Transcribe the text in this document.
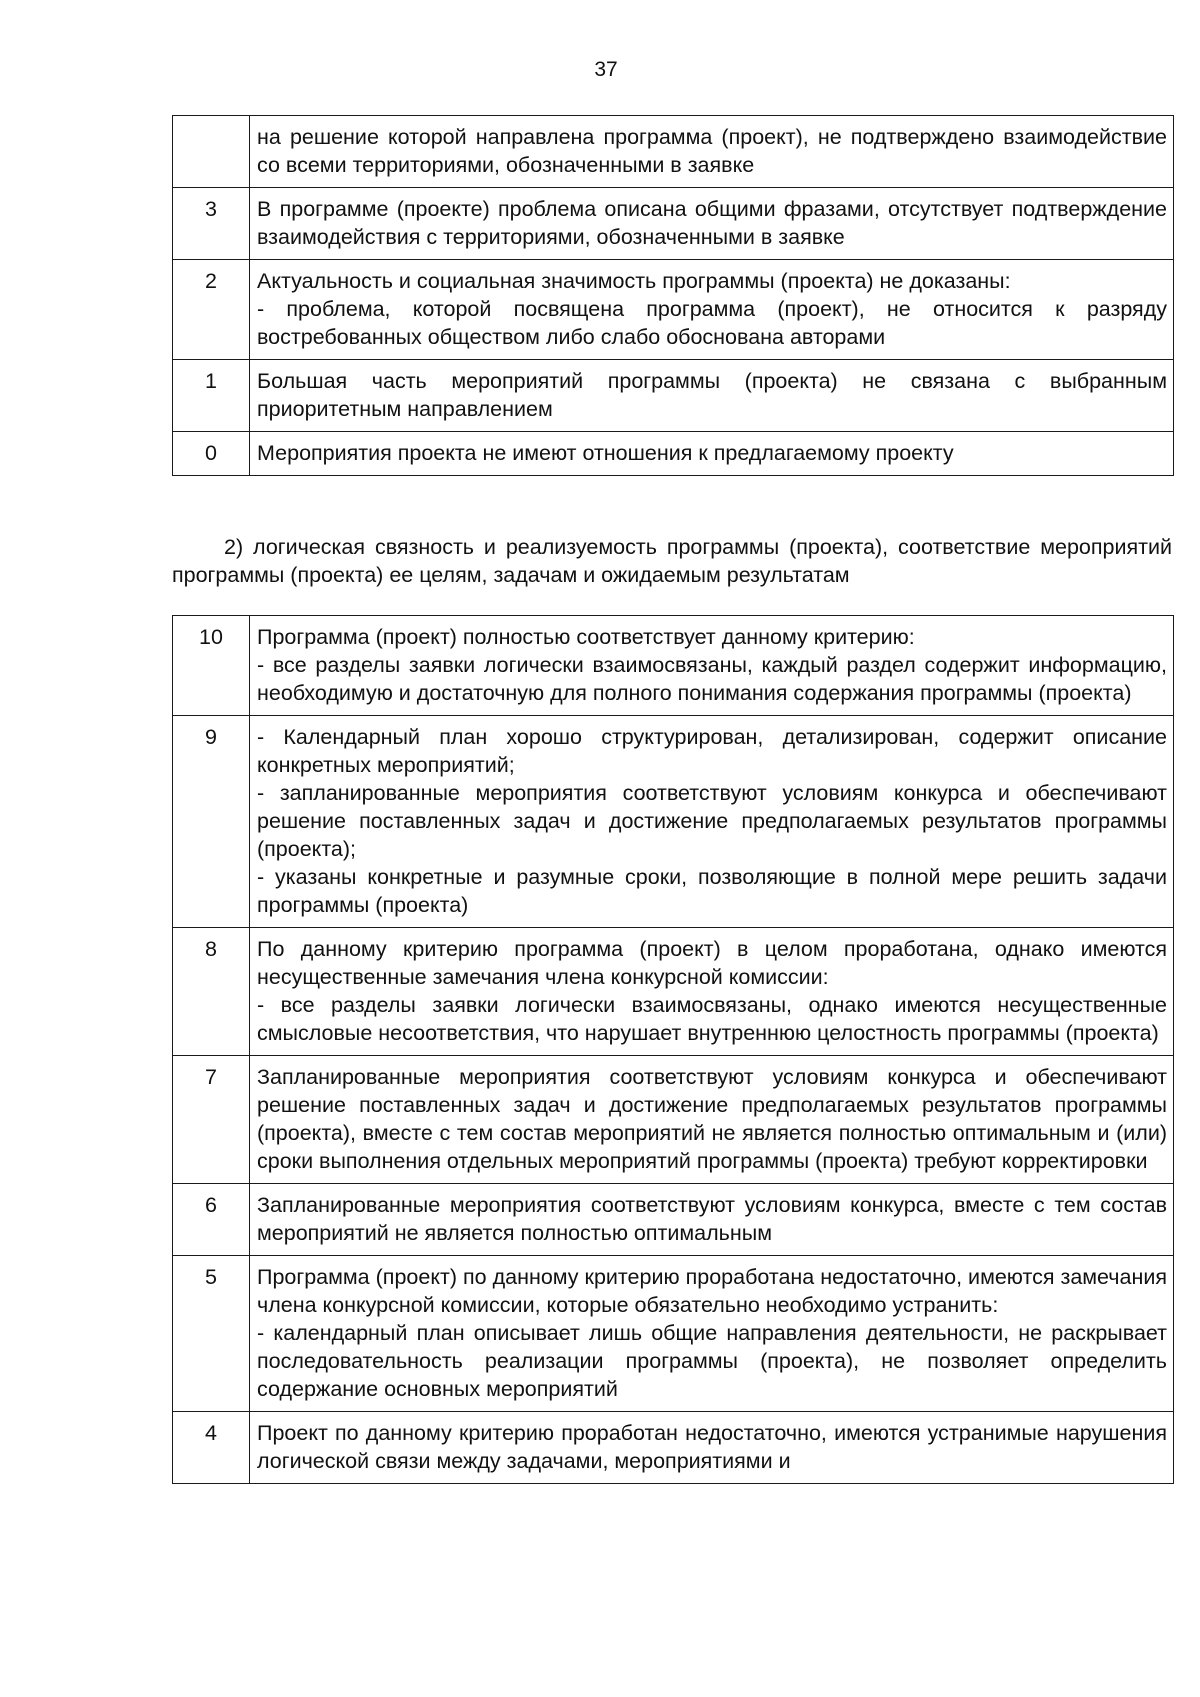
37

	на решение которой направлена программа (проект), не подтверждено взаимодействие со всеми территориями, обозначенными в заявке

3	В программе (проекте) проблема описана общими фразами, отсутствует подтверждение взаимодействия с территориями, обозначенными в заявке

2	Актуальность и социальная значимость программы (проекта) не доказаны:
- проблема, которой посвящена программа (проект), не относится к разряду востребованных обществом либо слабо обоснована авторами

1	Большая часть мероприятий программы (проекта) не связана с выбранным приоритетным направлением

0	Мероприятия проекта не имеют отношения к предлагаемому проекту
2) логическая связность и реализуемость программы (проекта), соответствие мероприятий программы (проекта) ее целям, задачам и ожидаемым результатам
10	Программа (проект) полностью соответствует данному критерию:
- все разделы заявки логически взаимосвязаны, каждый раздел содержит информацию, необходимую и достаточную для полного понимания содержания программы (проекта)

9	- Календарный план хорошо структурирован, детализирован, содержит описание конкретных мероприятий;
- запланированные мероприятия соответствуют условиям конкурса и обеспечивают решение поставленных задач и достижение предполагаемых результатов программы (проекта);
- указаны конкретные и разумные сроки, позволяющие в полной мере решить задачи программы (проекта)

8	По данному критерию программа (проект) в целом проработана, однако имеются несущественные замечания члена конкурсной комиссии:
- все разделы заявки логически взаимосвязаны, однако имеются несущественные смысловые несоответствия, что нарушает внутреннюю целостность программы (проекта)

7	Запланированные мероприятия соответствуют условиям конкурса и обеспечивают решение поставленных задач и достижение предполагаемых результатов программы (проекта), вместе с тем состав мероприятий не является полностью оптимальным и (или) сроки выполнения отдельных мероприятий программы (проекта) требуют корректировки

6	Запланированные мероприятия соответствуют условиям конкурса, вместе с тем состав мероприятий не является полностью оптимальным

5	Программа (проект) по данному критерию проработана недостаточно, имеются замечания члена конкурсной комиссии, которые обязательно необходимо устранить:
- календарный план описывает лишь общие направления деятельности, не раскрывает последовательность реализации программы (проекта), не позволяет определить содержание основных мероприятий

4	Проект по данному критерию проработан недостаточно, имеются устранимые нарушения логической связи между задачами, мероприятиями и
